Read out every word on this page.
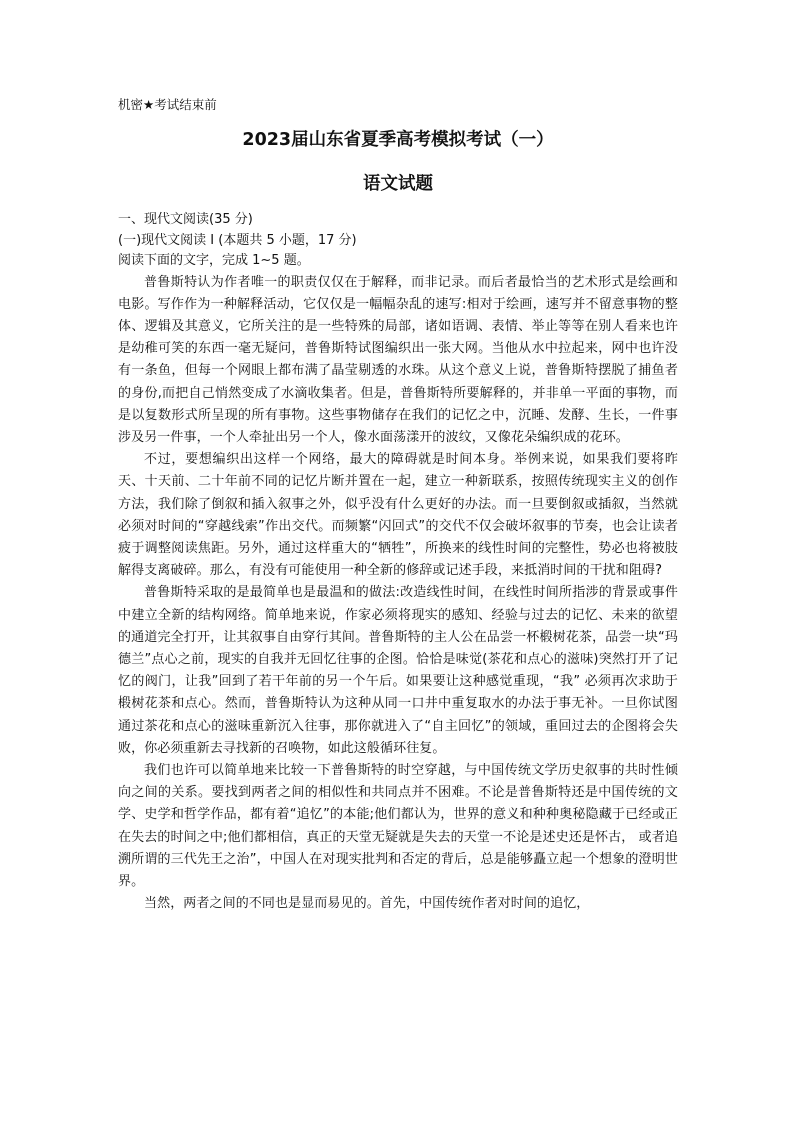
机密★考试结束前

2023届山东省夏季高考模拟考试（一）
语文试题

一、现代文阅读(35 分)

(一)现代文阅读 I (本题共 5 小题，17 分)

阅读下面的文字，完成 1~5 题。

普鲁斯特认为作者唯一的职责仅仅在于解释，而非记录。而后者最恰当的艺术形式是绘画和电影。写作作为一种解释活动，它仅仅是一幅幅杂乱的速写:相对于绘画，速写并不留意事物的整体、逻辑及其意义，它所关注的是一些特殊的局部，诸如语调、表情、举止等等在别人看来也许是幼稚可笑的东西一毫无疑问，普鲁斯特试图编织出一张大网。当他从水中拉起来，网中也许没有一条鱼，但每一个网眼上都布满了晶莹剔透的水珠。从这个意义上说，普鲁斯特摆脱了捕鱼者的身份,而把自己悄然变成了水滴收集者。但是，普鲁斯特所要解释的，并非单一平面的事物，而是以复数形式所呈现的所有事物。这些事物储存在我们的记忆之中，沉睡、发酵、生长，一件事涉及另一件事，一个人牵扯出另一个人，像水面荡漾开的波纹，又像花朵编织成的花环。

不过，要想编织出这样一个网络，最大的障碍就是时间本身。举例来说，如果我们要将昨天、十天前、二十年前不同的记忆片断并置在一起，建立一种新联系，按照传统现实主义的创作方法，我们除了倒叙和插入叙事之外，似乎没有什么更好的办法。而一旦要倒叙或插叙，当然就必须对时间的“穿越线索”作出交代。而频繁“闪回式”的交代不仅会破坏叙事的节奏，也会让读者疲于调整阅读焦距。另外，通过这样重大的“牺牲”，所换来的线性时间的完整性，势必也将被肢解得支离破碎。那么，有没有可能使用一种全新的修辞或记述手段，来抵消时间的干扰和阻碍?

普鲁斯特采取的是最简单也是最温和的做法:改造线性时间，在线性时间所指涉的背景或事件中建立全新的结构网络。简单地来说，作家必须将现实的感知、经验与过去的记忆、未来的欲望的通道完全打开，让其叙事自由穿行其间。普鲁斯特的主人公在品尝一杯椴树花茶，品尝一块“玛德兰”点心之前，现实的自我并无回忆往事的企图。恰恰是味觉(茶花和点心的滋味)突然打开了记忆的阀门，让我”回到了若干年前的另一个午后。如果要让这种感觉重现，“我” 必须再次求助于椴树花茶和点心。然而，普鲁斯特认为这种从同一口井中重复取水的办法于事无补。一旦你试图通过茶花和点心的滋味重新沉入往事，那你就进入了“自主回忆”的领域，重回过去的企图将会失败，你必须重新去寻找新的召唤物，如此这般循环往复。

我们也许可以简单地来比较一下普鲁斯特的时空穿越，与中国传统文学历史叙事的共时性倾向之间的关系。要找到两者之间的相似性和共同点并不困难。不论是普鲁斯特还是中国传统的文学、史学和哲学作品，都有着“追忆”的本能;他们都认为，世界的意义和种种奥秘隐藏于已经或正在失去的时间之中;他们都相信，真正的天堂无疑就是失去的天堂一不论是述史还是怀古， 或者追溯所谓的三代先王之治”，中国人在对现实批判和否定的背后，总是能够矗立起一个想象的澄明世界。

当然，两者之间的不同也是显而易见的。首先，中国传统作者对时间的追忆，
